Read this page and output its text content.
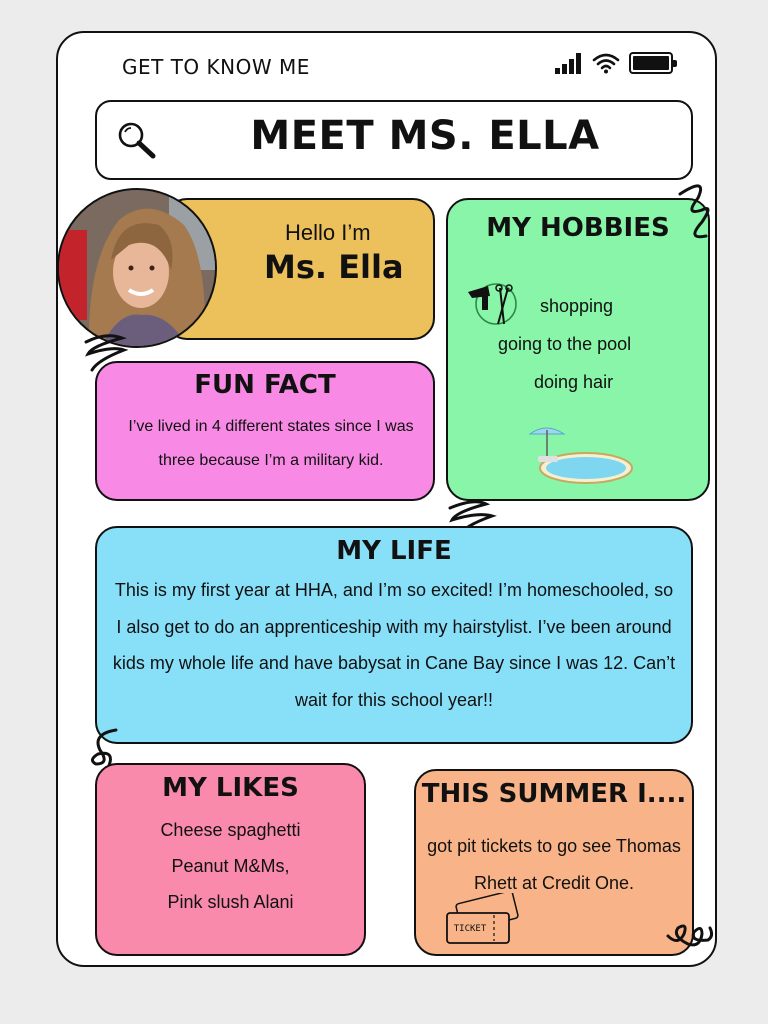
GET TO KNOW ME
MEET MS. ELLA
Hello I’m
Ms. Ella
FUN FACT
I’ve lived in 4 different states since I was three because I’m a military kid.
MY HOBBIES
shopping
going to the pool
doing hair
MY LIFE
This is my first year at HHA, and I’m so excited! I’m homeschooled, so I also get to do an apprenticeship with my hairstylist. I’ve been around kids my whole life and have babysat in Cane Bay since I was 12. Can’t wait for this school year!!
MY LIKES
Cheese spaghetti
Peanut M&Ms,
Pink slush Alani
THIS SUMMER I....
got pit tickets to go see Thomas Rhett at Credit One.
TICKET
